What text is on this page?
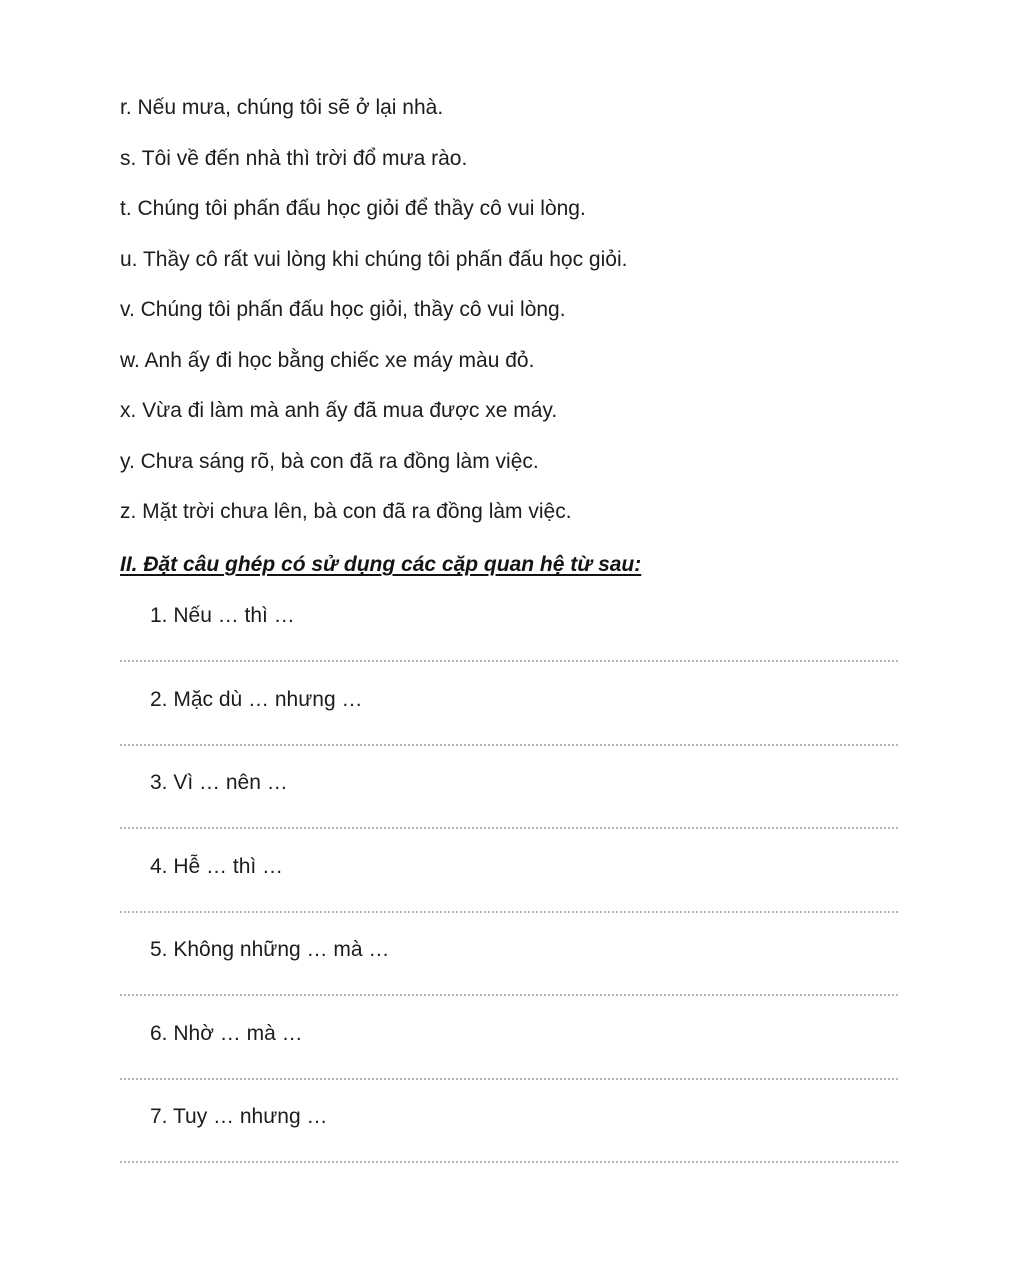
r. Nếu mưa, chúng tôi sẽ ở lại nhà.
s. Tôi về đến nhà thì trời đổ mưa rào.
t. Chúng tôi phấn đấu học giỏi để thầy cô vui lòng.
u. Thầy cô rất vui lòng khi chúng tôi phấn đấu học giỏi.
v. Chúng tôi phấn đấu học giỏi, thầy cô vui lòng.
w. Anh ấy đi học bằng chiếc xe máy màu đỏ.
x. Vừa đi làm mà anh ấy đã mua được xe máy.
y. Chưa sáng rõ, bà con đã ra đồng làm việc.
z. Mặt trời chưa lên, bà con đã ra đồng làm việc.
II. Đặt câu ghép có sử dụng các cặp quan hệ từ sau:
1. Nếu … thì …
2. Mặc dù … nhưng …
3. Vì … nên …
4. Hễ … thì …
5. Không những … mà …
6. Nhờ … mà …
7. Tuy … nhưng …
